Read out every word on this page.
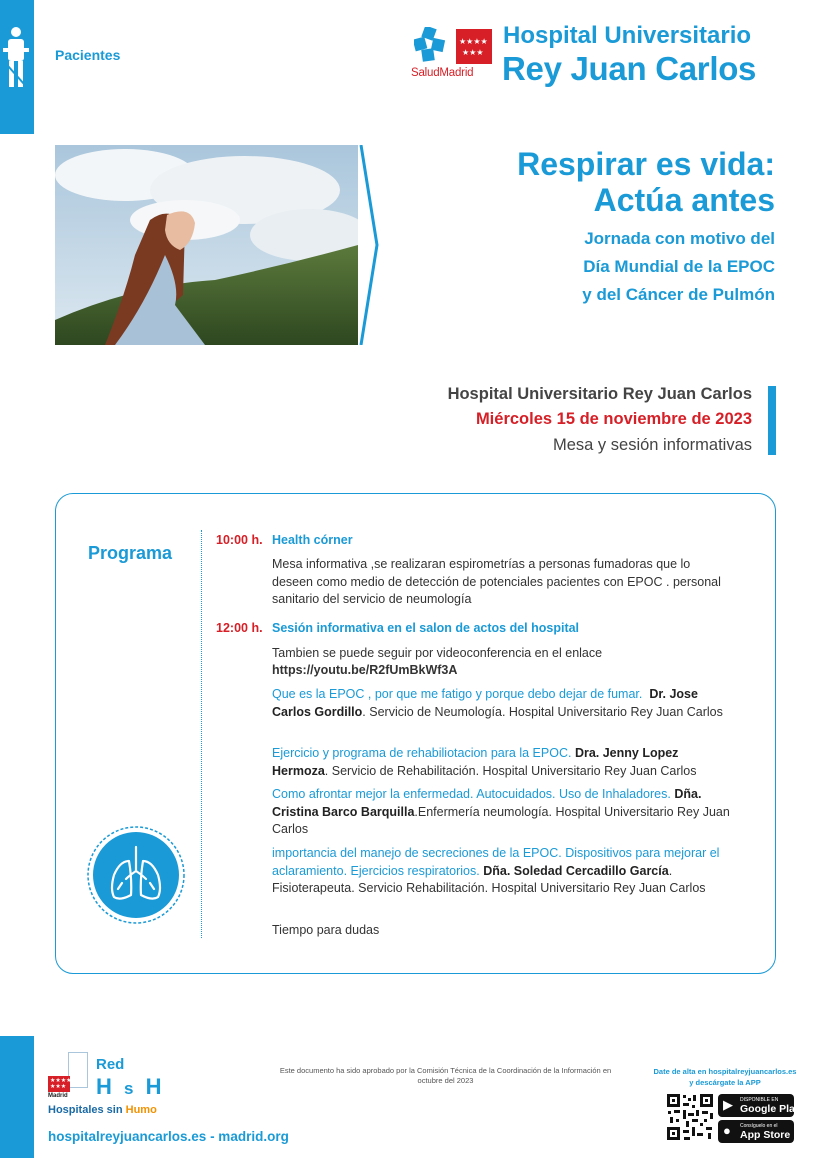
Pacientes
★★★★
★★★
SaludMadrid
Hospital Universitario
Rey Juan Carlos
Respirar es vida:
Actúa antes
Jornada con motivo del
Día Mundial de la EPOC
y del Cáncer de Pulmón
Hospital Universitario Rey Juan Carlos
Miércoles 15 de noviembre de 2023
Mesa y sesión informativas
Programa
10:00 h. Health córner
Mesa informativa ,se realizaran espirometrías a personas fumadoras que lo deseen como medio de detección de potenciales pacientes con EPOC . personal sanitario del servicio de neumología
12:00 h. Sesión informativa en el salon de actos del hospital
Tambien se puede seguir por videoconferencia en el enlace
https://youtu.be/R2fUmBkWf3A
Que es la EPOC , por que me fatigo y porque debo dejar de fumar. Dr. Jose Carlos Gordillo. Servicio de Neumología. Hospital Universitario Rey Juan Carlos
Ejercicio y programa de rehabiliotacion para la EPOC. Dra. Jenny Lopez Hermoza. Servicio de Rehabilitación. Hospital Universitario Rey Juan Carlos
Como afrontar mejor la enfermedad. Autocuidados. Uso de Inhaladores. Dña. Cristina Barco Barquilla.Enfermería neumología. Hospital Universitario Rey Juan Carlos
importancia del manejo de secreciones de la EPOC. Dispositivos para mejorar el aclaramiento. Ejercicios respiratorios. Dña. Soledad Cercadillo García. Fisioterapeuta. Servicio Rehabilitación. Hospital Universitario Rey Juan Carlos
Tiempo para dudas
★★★★
★★★
Madrid
Red
H s H
Hospitales sin Humo
hospitalreyjuancarlos.es - madrid.org
Este documento ha sido aprobado por la Comisión Técnica de la Coordinación de la Información en octubre del 2023
Date de alta en hospitalreyjuancarlos.es
y descárgate la APP
▶ DISPONIBLE EN
Google Play
● Consíguelo en el
App Store
